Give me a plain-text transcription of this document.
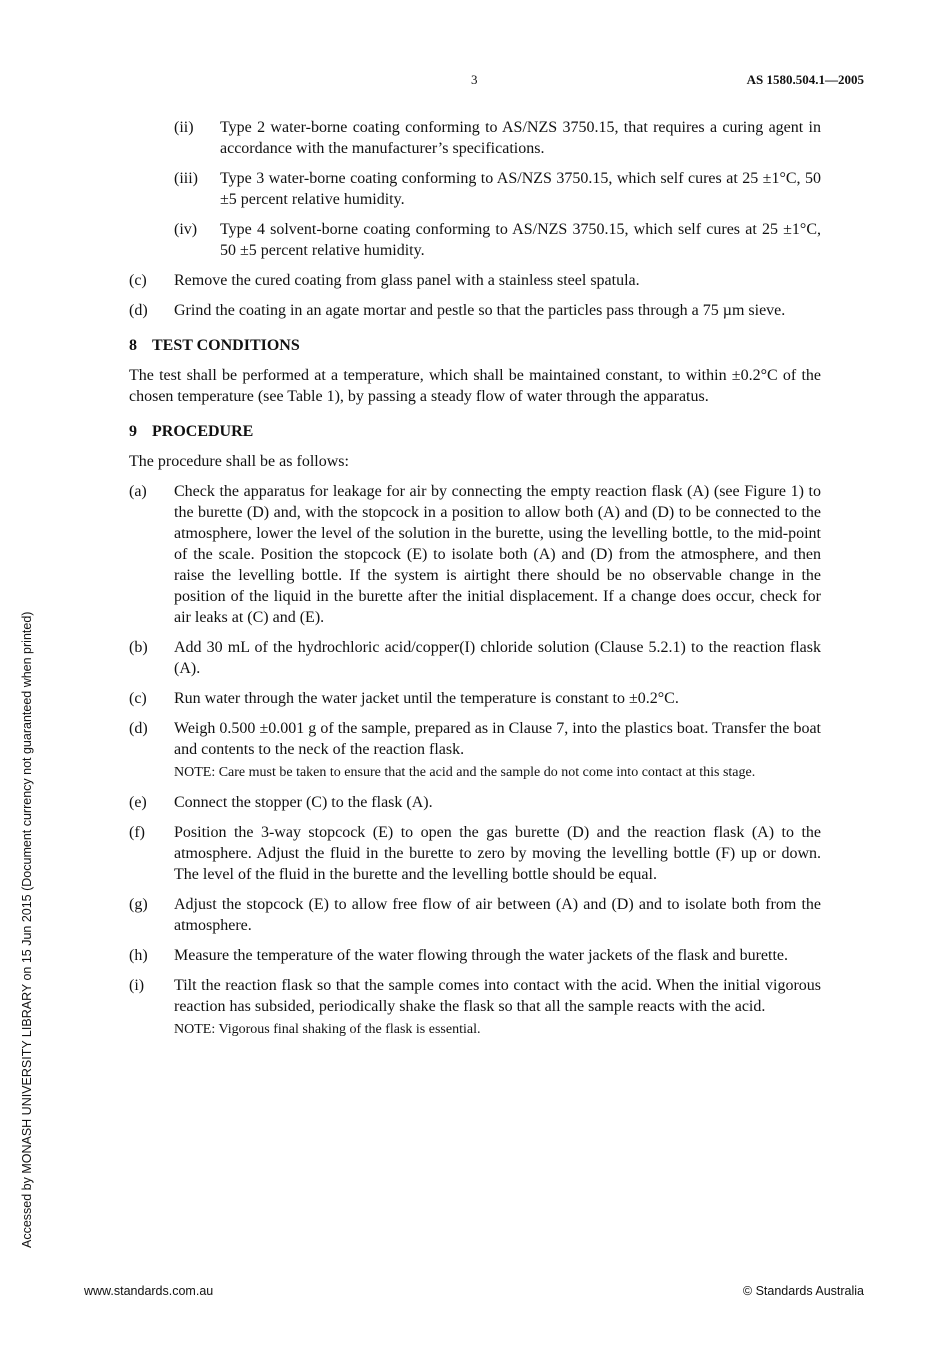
3	AS 1580.504.1—2005
(ii)	Type 2 water-borne coating conforming to AS/NZS 3750.15, that requires a curing agent in accordance with the manufacturer’s specifications.
(iii)	Type 3 water-borne coating conforming to AS/NZS 3750.15, which self cures at 25 ±1°C, 50 ±5 percent relative humidity.
(iv)	Type 4 solvent-borne coating conforming to AS/NZS 3750.15, which self cures at 25 ±1°C, 50 ±5 percent relative humidity.
(c)	Remove the cured coating from glass panel with a stainless steel spatula.
(d)	Grind the coating in an agate mortar and pestle so that the particles pass through a 75 µm sieve.
8 TEST CONDITIONS
The test shall be performed at a temperature, which shall be maintained constant, to within ±0.2°C of the chosen temperature (see Table 1), by passing a steady flow of water through the apparatus.
9 PROCEDURE
The procedure shall be as follows:
(a)	Check the apparatus for leakage for air by connecting the empty reaction flask (A) (see Figure 1) to the burette (D) and, with the stopcock in a position to allow both (A) and (D) to be connected to the atmosphere, lower the level of the solution in the burette, using the levelling bottle, to the mid-point of the scale. Position the stopcock (E) to isolate both (A) and (D) from the atmosphere, and then raise the levelling bottle. If the system is airtight there should be no observable change in the position of the liquid in the burette after the initial displacement. If a change does occur, check for air leaks at (C) and (E).
(b)	Add 30 mL of the hydrochloric acid/copper(I) chloride solution (Clause 5.2.1) to the reaction flask (A).
(c)	Run water through the water jacket until the temperature is constant to ±0.2°C.
(d)	Weigh 0.500 ±0.001 g of the sample, prepared as in Clause 7, into the plastics boat. Transfer the boat and contents to the neck of the reaction flask.
NOTE: Care must be taken to ensure that the acid and the sample do not come into contact at this stage.
(e)	Connect the stopper (C) to the flask (A).
(f)	Position the 3-way stopcock (E) to open the gas burette (D) and the reaction flask (A) to the atmosphere. Adjust the fluid in the burette to zero by moving the levelling bottle (F) up or down. The level of the fluid in the burette and the levelling bottle should be equal.
(g)	Adjust the stopcock (E) to allow free flow of air between (A) and (D) and to isolate both from the atmosphere.
(h)	Measure the temperature of the water flowing through the water jackets of the flask and burette.
(i)	Tilt the reaction flask so that the sample comes into contact with the acid. When the initial vigorous reaction has subsided, periodically shake the flask so that all the sample reacts with the acid.
NOTE: Vigorous final shaking of the flask is essential.
Accessed by MONASH UNIVERSITY LIBRARY on 15 Jun 2015 (Document currency not guaranteed when printed)
www.standards.com.au	© Standards Australia
